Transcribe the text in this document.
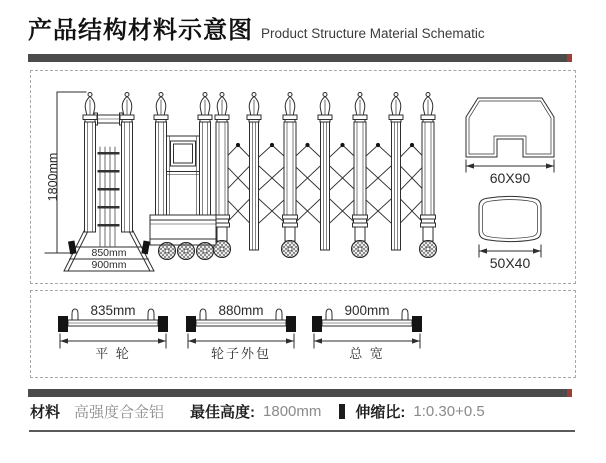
产品结构材料示意图 Product Structure Material Schematic
1800mm
850mm
900mm
60X90
50X40
835mm
平 轮
880mm
轮子外包
900mm
总 宽
材料 高强度合金铝 最佳高度: 1800mm 伸缩比: 1:0.30+0.5
